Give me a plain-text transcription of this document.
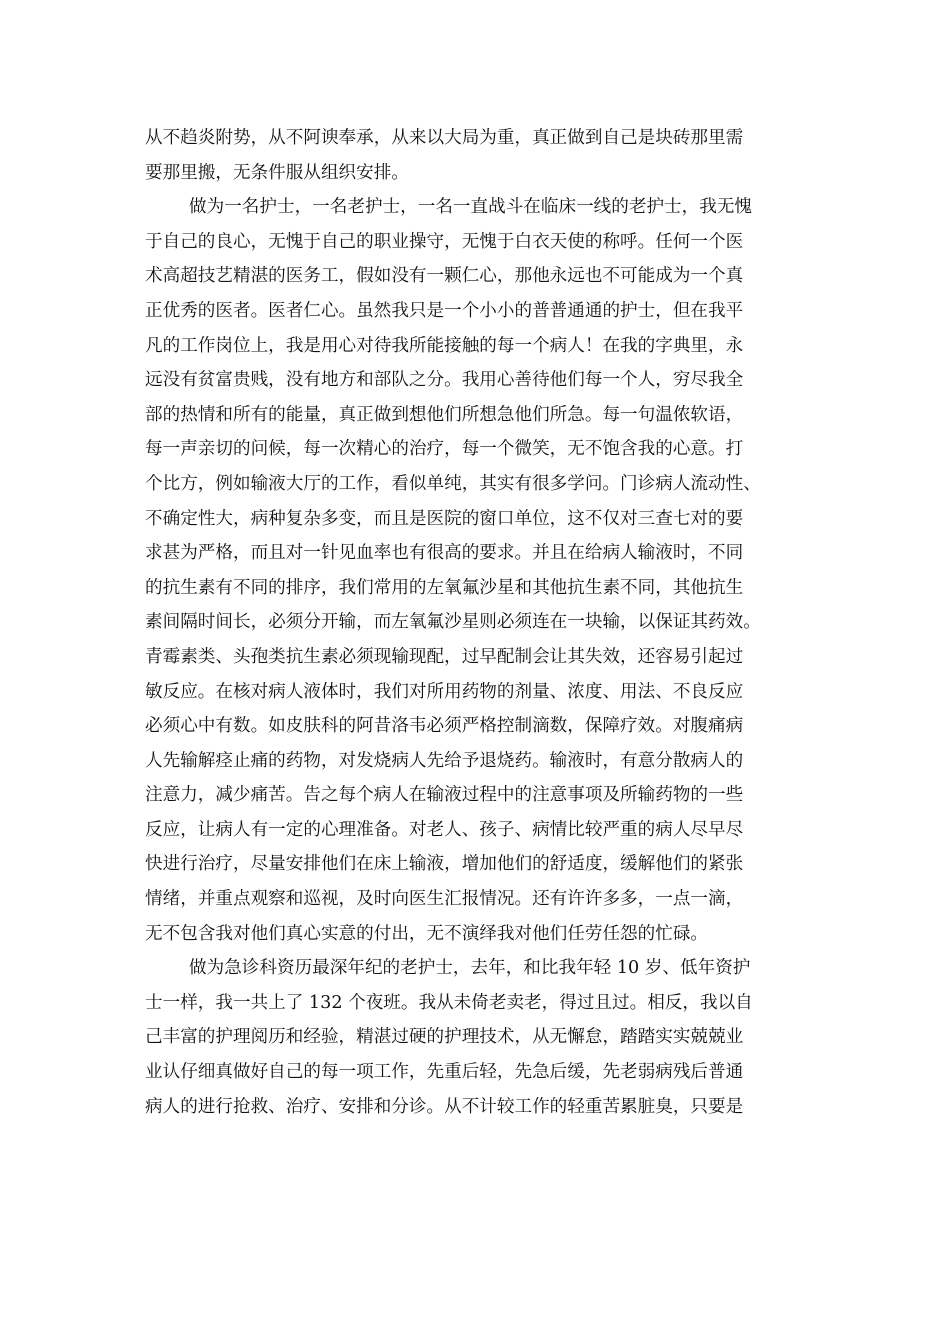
从不趋炎附势，从不阿谀奉承，从来以大局为重，真正做到自己是块砖那里需
要那里搬，无条件服从组织安排。
做为一名护士，一名老护士，一名一直战斗在临床一线的老护士，我无愧
于自己的良心，无愧于自己的职业操守，无愧于白衣天使的称呼。任何一个医
术高超技艺精湛的医务工，假如没有一颗仁心，那他永远也不可能成为一个真
正优秀的医者。医者仁心。虽然我只是一个小小的普普通通的护士，但在我平
凡的工作岗位上，我是用心对待我所能接触的每一个病人！在我的字典里，永
远没有贫富贵贱，没有地方和部队之分。我用心善待他们每一个人，穷尽我全
部的热情和所有的能量，真正做到想他们所想急他们所急。每一句温侬软语，
每一声亲切的问候，每一次精心的治疗，每一个微笑，无不饱含我的心意。打
个比方，例如输液大厅的工作，看似单纯，其实有很多学问。门诊病人流动性、
不确定性大，病种复杂多变，而且是医院的窗口单位，这不仅对三查七对的要
求甚为严格，而且对一针见血率也有很高的要求。并且在给病人输液时，不同
的抗生素有不同的排序，我们常用的左氧氟沙星和其他抗生素不同，其他抗生
素间隔时间长，必须分开输，而左氧氟沙星则必须连在一块输，以保证其药效。
青霉素类、头孢类抗生素必须现输现配，过早配制会让其失效，还容易引起过
敏反应。在核对病人液体时，我们对所用药物的剂量、浓度、用法、不良反应
必须心中有数。如皮肤科的阿昔洛韦必须严格控制滴数，保障疗效。对腹痛病
人先输解痉止痛的药物，对发烧病人先给予退烧药。输液时，有意分散病人的
注意力，减少痛苦。告之每个病人在输液过程中的注意事项及所输药物的一些
反应，让病人有一定的心理准备。对老人、孩子、病情比较严重的病人尽早尽
快进行治疗，尽量安排他们在床上输液，增加他们的舒适度，缓解他们的紧张
情绪，并重点观察和巡视，及时向医生汇报情况。还有许许多多，一点一滴，
无不包含我对他们真心实意的付出，无不演绎我对他们任劳任怨的忙碌。
做为急诊科资历最深年纪的老护士，去年，和比我年轻 10 岁、低年资护
士一样，我一共上了 132 个夜班。我从未倚老卖老，得过且过。相反，我以自
己丰富的护理阅历和经验，精湛过硬的护理技术，从无懈怠，踏踏实实兢兢业
业认仔细真做好自己的每一项工作，先重后轻，先急后缓，先老弱病残后普通
病人的进行抢救、治疗、安排和分诊。从不计较工作的轻重苦累脏臭，只要是
